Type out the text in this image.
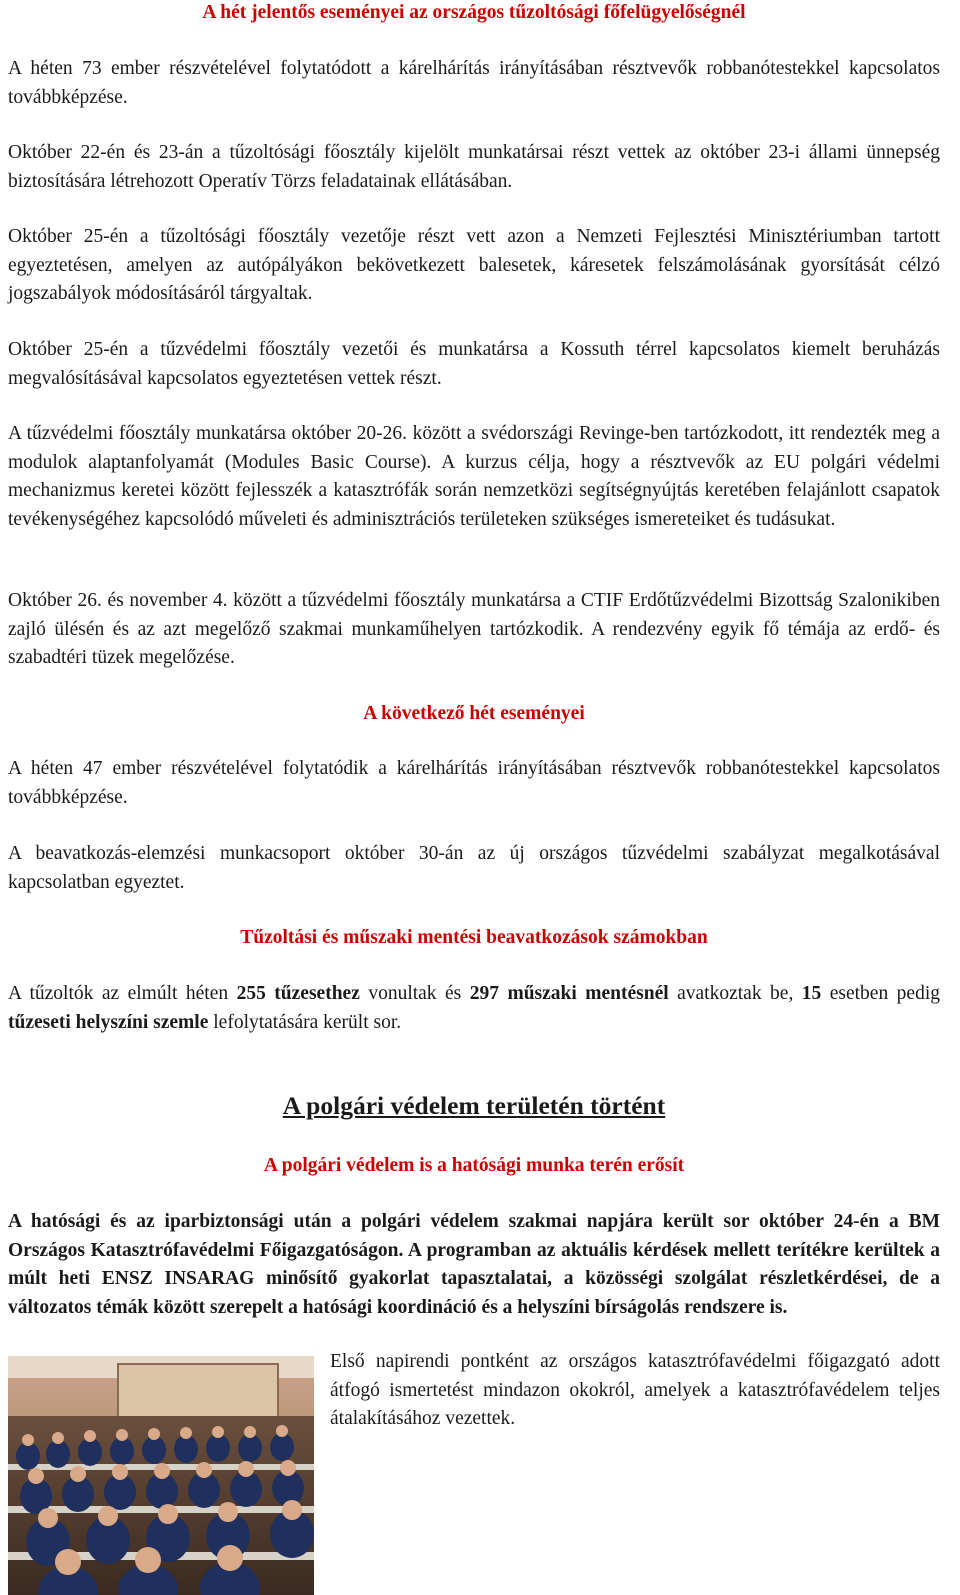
A hét jelentős eseményei az országos tűzoltósági főfelügyelőségnél

A héten 73 ember részvételével folytatódott a kárelhárítás irányításában résztvevők robbanótestekkel kapcsolatos továbbképzése.

Október 22-én és 23-án a tűzoltósági főosztály kijelölt munkatársai részt vettek az október 23-i állami ünnepség biztosítására létrehozott Operatív Törzs feladatainak ellátásában.

Október 25-én a tűzoltósági főosztály vezetője részt vett azon a Nemzeti Fejlesztési Minisztériumban tartott egyeztetésen, amelyen az autópályákon bekövetkezett balesetek, káresetek felszámolásának gyorsítását célzó jogszabályok módosításáról tárgyaltak.

Október 25-én a tűzvédelmi főosztály vezetői és munkatársa a Kossuth térrel kapcsolatos kiemelt beruházás megvalósításával kapcsolatos egyeztetésen vettek részt.

A tűzvédelmi főosztály munkatársa október 20-26. között a svédországi Revinge-ben tartózkodott, itt rendezték meg a modulok alaptanfolyamát (Modules Basic Course). A kurzus célja, hogy a résztvevők az EU polgári védelmi mechanizmus keretei között fejlesszék a katasztrófák során nemzetközi segítségnyújtás keretében felajánlott csapatok tevékenységéhez kapcsolódó műveleti és adminisztrációs területeken szükséges ismereteiket és tudásukat.

Október 26. és november 4. között a tűzvédelmi főosztály munkatársa a CTIF Erdőtűzvédelmi Bizottság Szalonikiben zajló ülésén és az azt megelőző szakmai munkaműhelyen tartózkodik. A rendezvény egyik fő témája az erdő- és szabadtéri tüzek megelőzése.

A következő hét eseményei

A héten 47 ember részvételével folytatódik a kárelhárítás irányításában résztvevők robbanótestekkel kapcsolatos továbbképzése.

A beavatkozás-elemzési munkacsoport október 30-án az új országos tűzvédelmi szabályzat megalkotásával kapcsolatban egyeztet.

Tűzoltási és műszaki mentési beavatkozások számokban

A tűzoltók az elmúlt héten 255 tűzesethez vonultak és 297 műszaki mentésnél avatkoztak be, 15 esetben pedig tűzeseti helyszíni szemle lefolytatására került sor.

A polgári védelem területén történt
A polgári védelem is a hatósági munka terén erősít

A hatósági és az iparbiztonsági után a polgári védelem szakmai napjára került sor október 24-én a BM Országos Katasztrófavédelmi Főigazgatóságon. A programban az aktuális kérdések mellett terítékre kerültek a múlt heti ENSZ INSARAG minősítő gyakorlat tapasztalatai, a közösségi szolgálat részletkérdései, de a változatos témák között szerepelt a hatósági koordináció és a helyszíni bírságolás rendszere is.

Első napirendi pontként az országos katasztrófavédelmi főigazgató adott átfogó ismertetést mindazon okokról, amelyek a katasztrófavédelem teljes átalakításához vezettek.
